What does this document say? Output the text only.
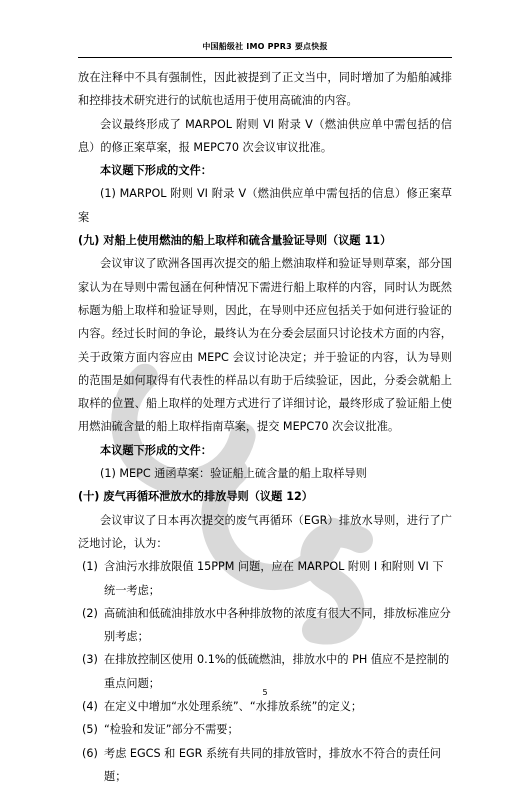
中国船级社 IMO PPR3 要点快报

放在注释中不具有强制性，因此被提到了正文当中，同时增加了为船舶减排和控排技术研究进行的试航也适用于使用高硫油的内容。

会议最终形成了 MARPOL 附则 VI 附录 V（燃油供应单中需包括的信息）的修正案草案，报 MEPC70 次会议审议批准。

本议题下形成的文件：

(1) MARPOL 附则 VI 附录 V（燃油供应单中需包括的信息）修正案草案

(九) 对船上使用燃油的船上取样和硫含量验证导则（议题 11）

会议审议了欧洲各国再次提交的船上燃油取样和验证导则草案，部分国家认为在导则中需包涵在何种情况下需进行船上取样的内容，同时认为既然标题为船上取样和验证导则，因此，在导则中还应包括关于如何进行验证的内容。经过长时间的争论，最终认为在分委会层面只讨论技术方面的内容，关于政策方面内容应由 MEPC 会议讨论决定；并于验证的内容，认为导则的范围是如何取得有代表性的样品以有助于后续验证，因此，分委会就船上取样的位置、船上取样的处理方式进行了详细讨论，最终形成了验证船上使用燃油硫含量的船上取样指南草案，提交 MEPC70 次会议批准。

本议题下形成的文件：

(1) MEPC 通函草案：验证船上硫含量的船上取样导则

(十) 废气再循环泄放水的排放导则（议题 12）

会议审议了日本再次提交的废气再循环（EGR）排放水导则，进行了广泛地讨论，认为：

(1) 含油污水排放限值 15PPM 问题，应在 MARPOL 附则 I 和附则 VI 下统一考虑；

(2) 高硫油和低硫油排放水中各种排放物的浓度有很大不同，排放标准应分别考虑；

(3) 在排放控制区使用 0.1%的低硫燃油，排放水中的 PH 值应不是控制的重点问题；

(4) 在定义中增加“水处理系统”、“水排放系统”的定义；

(5) “检验和发证”部分不需要；

(6) 考虑 EGCS 和 EGR 系统有共同的排放管时，排放水不符合的责任问题；

5
